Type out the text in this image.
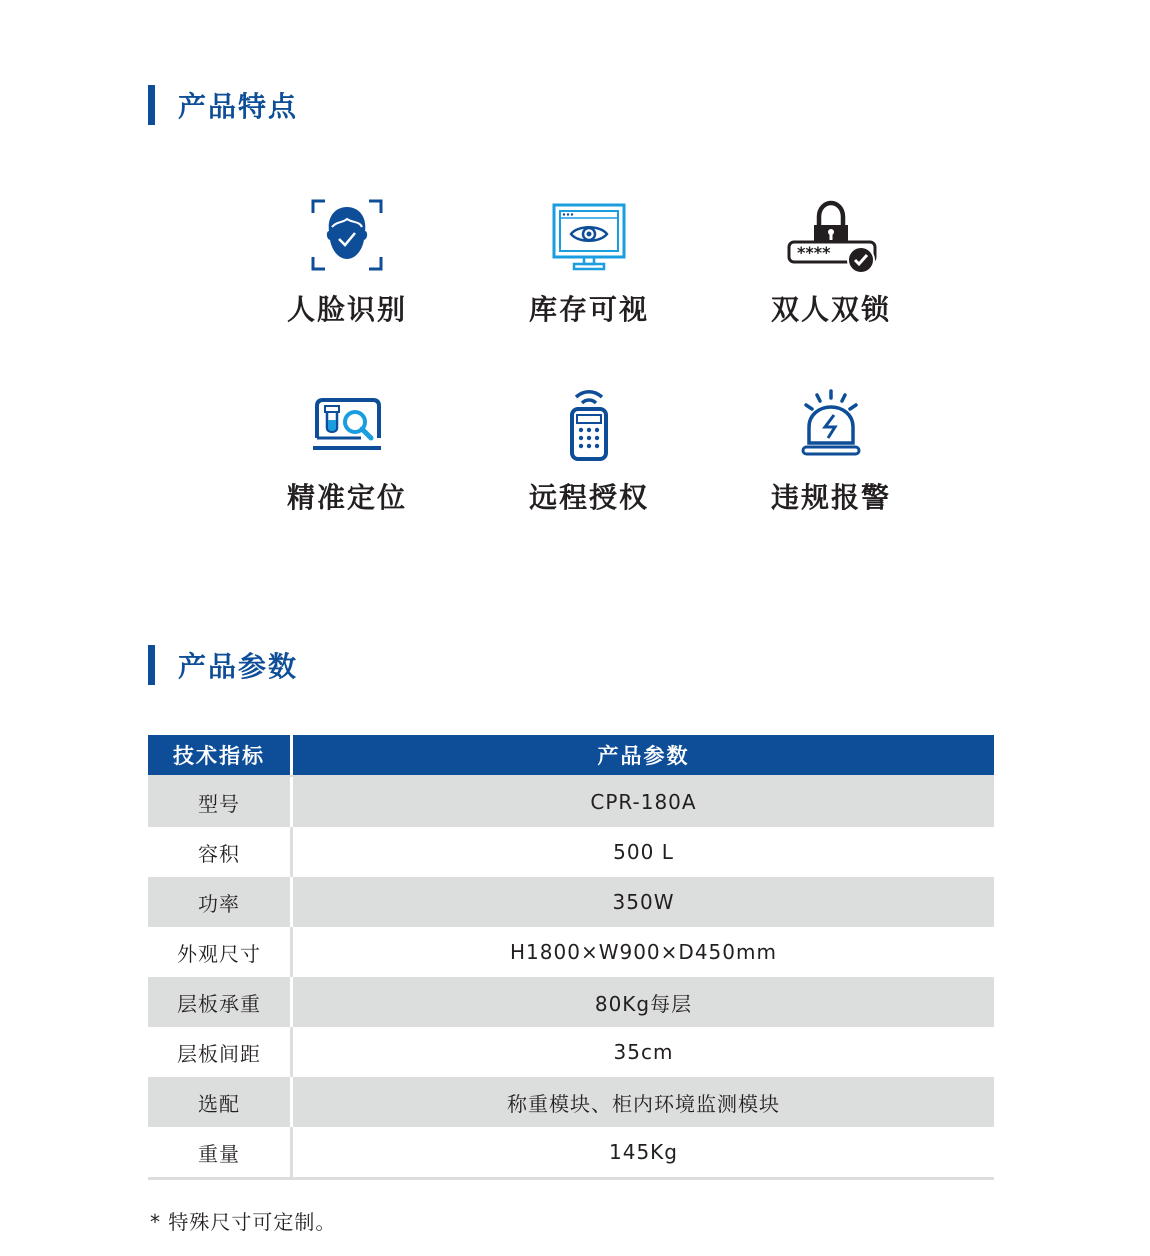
产品特点
人脸识别	库存可视
****
双人双锁
精准定位	远程授权	违规报警
产品参数
技术指标	产品参数
型号	CPR-180A
容积	500 L
功率	350W
外观尺寸	H1800×W900×D450mm
层板承重	80Kg每层
层板间距	35cm
选配	称重模块、柜内环境监测模块
重量	145Kg
* 特殊尺寸可定制。
